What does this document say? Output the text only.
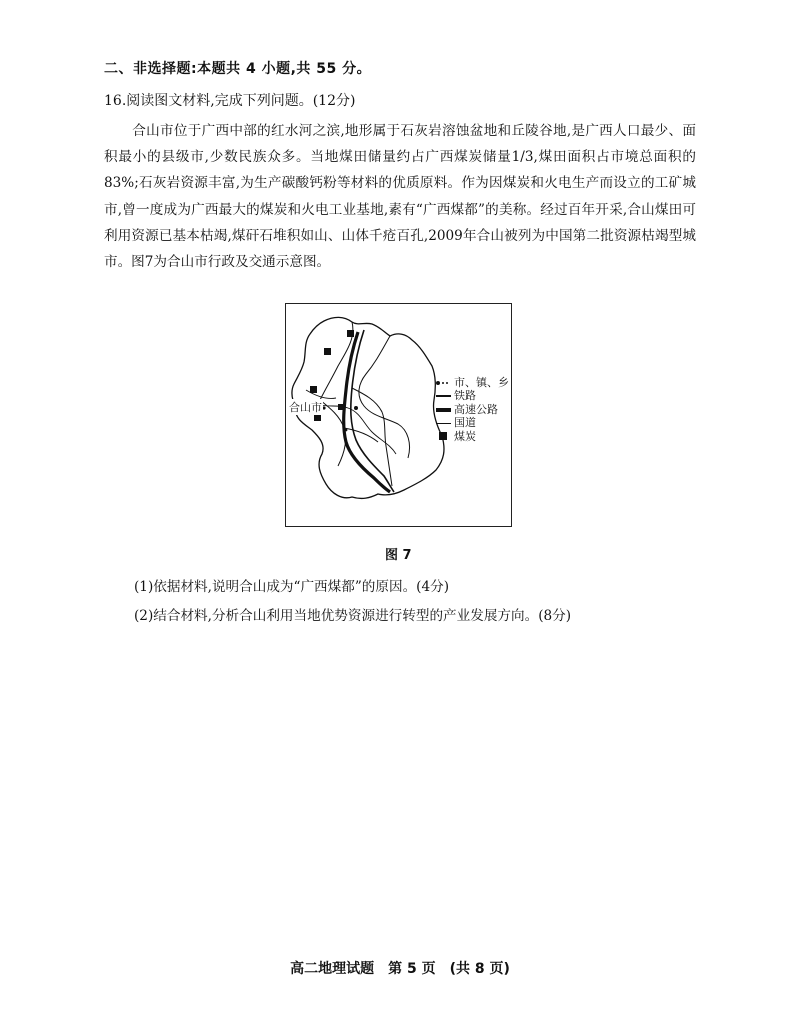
二、非选择题:本题共 4 小题,共 55 分。
16.阅读图文材料,完成下列问题。(12分)

合山市位于广西中部的红水河之滨,地形属于石灰岩溶蚀盆地和丘陵谷地,是广西人口最少、面积最小的县级市,少数民族众多。当地煤田储量约占广西煤炭储量1/3,煤田面积占市境总面积的83%;石灰岩资源丰富,为生产碳酸钙粉等材料的优质原料。作为因煤炭和火电生产而设立的工矿城市,曾一度成为广西最大的煤炭和火电工业基地,素有“广西煤都”的美称。经过百年开采,合山煤田可利用资源已基本枯竭,煤矸石堆积如山、山体千疮百孔,2009年合山被列为中国第二批资源枯竭型城市。图7为合山市行政及交通示意图。

合山市
市、镇、乡
铁路
高速公路
国道
煤炭
图 7
(1)依据材料,说明合山成为“广西煤都”的原因。(4分)
(2)结合材料,分析合山利用当地优势资源进行转型的产业发展方向。(8分)
高二地理试题　第 5 页　(共 8 页)
